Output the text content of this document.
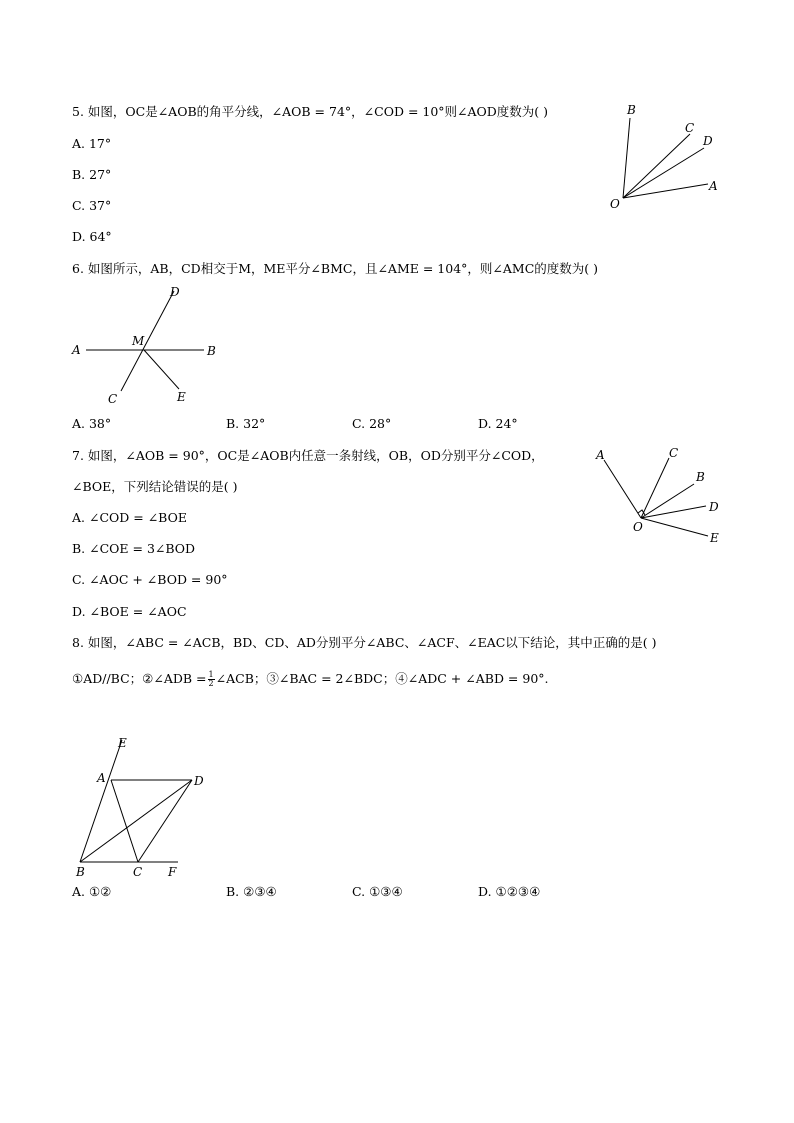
5. 如图，OC是∠AOB的角平分线，∠AOB = 74°，∠COD = 10°则∠AOD度数为( )
A. 17°
B. 27°
C. 37°
D. 64°
B
C
D
A
O
6. 如图所示，AB，CD相交于M，ME平分∠BMC，且∠AME = 104°，则∠AMC的度数为( )
A	B
D
M
C	E
A. 38°	B. 32°	C. 28°	D. 24°
7. 如图，∠AOB = 90°，OC是∠AOB内任意一条射线，OB，OD分别平分∠COD，
∠BOE，下列结论错误的是( )
A. ∠COD = ∠BOE
B. ∠COE = 3∠BOD
C. ∠AOC + ∠BOD = 90°
D. ∠BOE = ∠AOC
A	C
B
D
E
O
8. 如图，∠ABC = ∠ACB，BD、CD、AD分别平分∠ABC、∠ACF、∠EAC以下结论，其中正确的是( )
①AD//BC；②∠ADB = $\frac{1}{2}$ ∠ACB；③∠BAC = 2∠BDC；④∠ADC + ∠ABD = 90°.
E
A	D
B	C F
A. ①②	B. ②③④	C. ①③④	D. ①②③④
